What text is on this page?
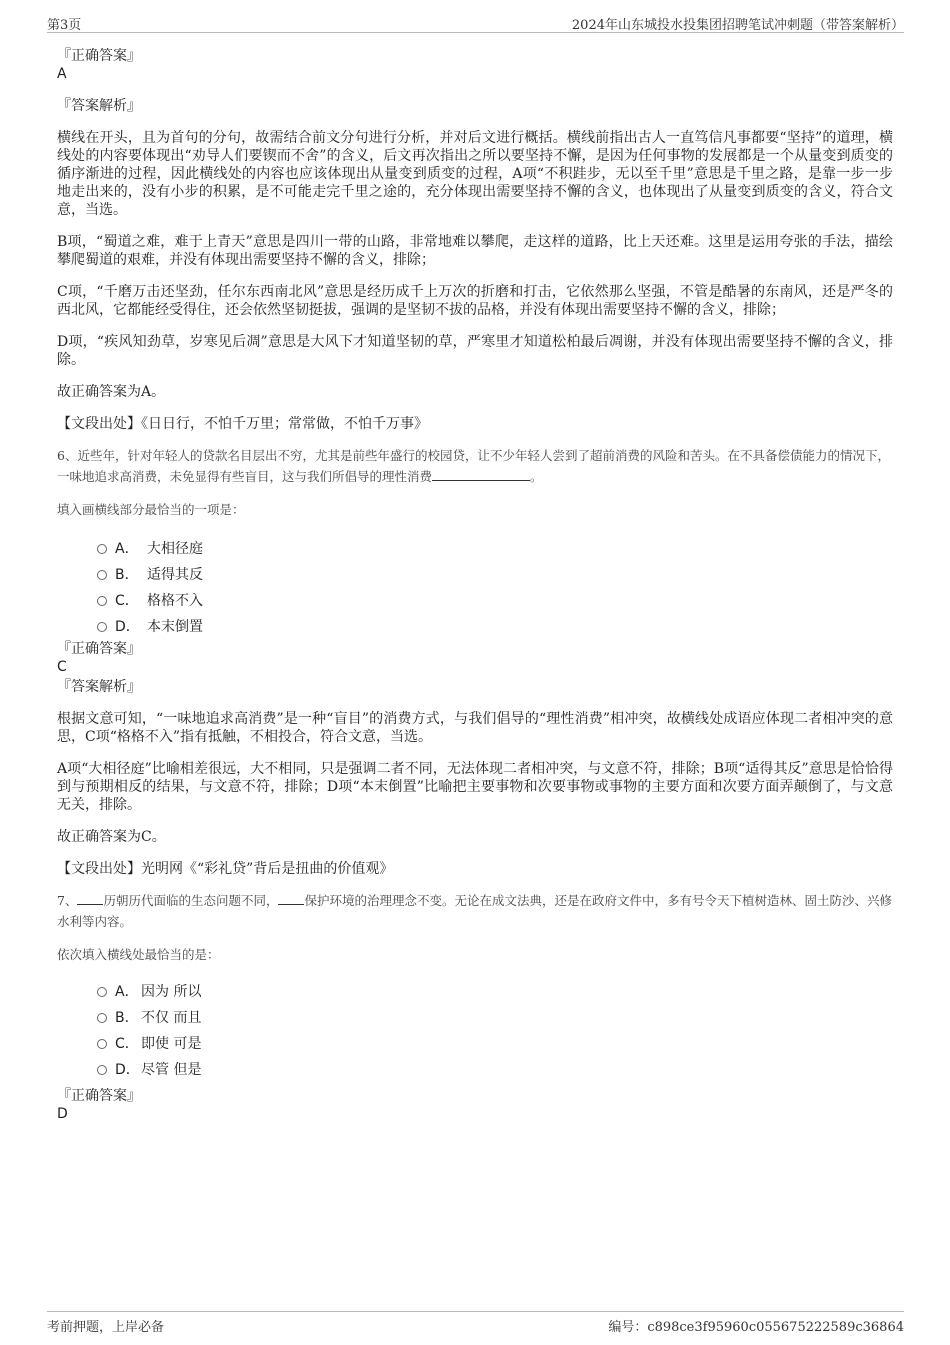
第3页	2024年山东城投水投集团招聘笔试冲刺题（带答案解析）

『正确答案』

A

『答案解析』

横线在开头，且为首句的分句，故需结合前文分句进行分析，并对后文进行概括。横线前指出古人一直笃信凡事都要“坚持”的道理，横线处的内容要体现出“劝导人们要锲而不舍”的含义，后文再次指出之所以要坚持不懈，是因为任何事物的发展都是一个从量变到质变的循序渐进的过程，因此横线处的内容也应该体现出从量变到质变的过程，A项“不积跬步，无以至千里”意思是千里之路，是靠一步一步地走出来的，没有小步的积累，是不可能走完千里之途的，充分体现出需要坚持不懈的含义，也体现出了从量变到质变的含义，符合文意，当选。

B项，“蜀道之难，难于上青天”意思是四川一带的山路，非常地难以攀爬，走这样的道路，比上天还难。这里是运用夸张的手法，描绘攀爬蜀道的艰难，并没有体现出需要坚持不懈的含义，排除；

C项，“千磨万击还坚劲，任尔东西南北风”意思是经历成千上万次的折磨和打击，它依然那么坚强，不管是酷暑的东南风，还是严冬的西北风，它都能经受得住，还会依然坚韧挺拔，强调的是坚韧不拔的品格，并没有体现出需要坚持不懈的含义，排除；

D项，“疾风知劲草，岁寒见后凋”意思是大风下才知道坚韧的草，严寒里才知道松柏最后凋谢，并没有体现出需要坚持不懈的含义，排除。

故正确答案为A。

【文段出处】《日日行，不怕千万里；常常做，不怕千万事》

6、近些年，针对年轻人的贷款名目层出不穷，尤其是前些年盛行的校园贷，让不少年轻人尝到了超前消费的风险和苦头。在不具备偿债能力的情况下，一味地追求高消费，未免显得有些盲目，这与我们所倡导的理性消费	。

填入画横线部分最恰当的一项是：

A． 大相径庭
B． 适得其反
C． 格格不入
D． 本末倒置

『正确答案』

C

『答案解析』

根据文意可知，“一味地追求高消费”是一种“盲目”的消费方式，与我们倡导的“理性消费”相冲突，故横线处成语应体现二者相冲突的意思，C项“格格不入”指有抵触，不相投合，符合文意，当选。

A项“大相径庭”比喻相差很远，大不相同，只是强调二者不同，无法体现二者相冲突，与文意不符，排除；B项“适得其反”意思是恰恰得到与预期相反的结果，与文意不符，排除；D项“本末倒置”比喻把主要事物和次要事物或事物的主要方面和次要方面弄颠倒了，与文意无关，排除。

故正确答案为C。

【文段出处】光明网《“彩礼贷”背后是扭曲的价值观》

7、 历朝历代面临的生态问题不同， 保护环境的治理理念不变。无论在成文法典，还是在政府文件中，多有号令天下植树造林、固土防沙、兴修水利等内容。

依次填入横线处最恰当的是：

A． 因为 所以
B． 不仅 而且
C． 即使 可是
D．尽管 但是

『正确答案』

D

考前押题，上岸必备	编号：c898ce3f95960c055675222589c36864
